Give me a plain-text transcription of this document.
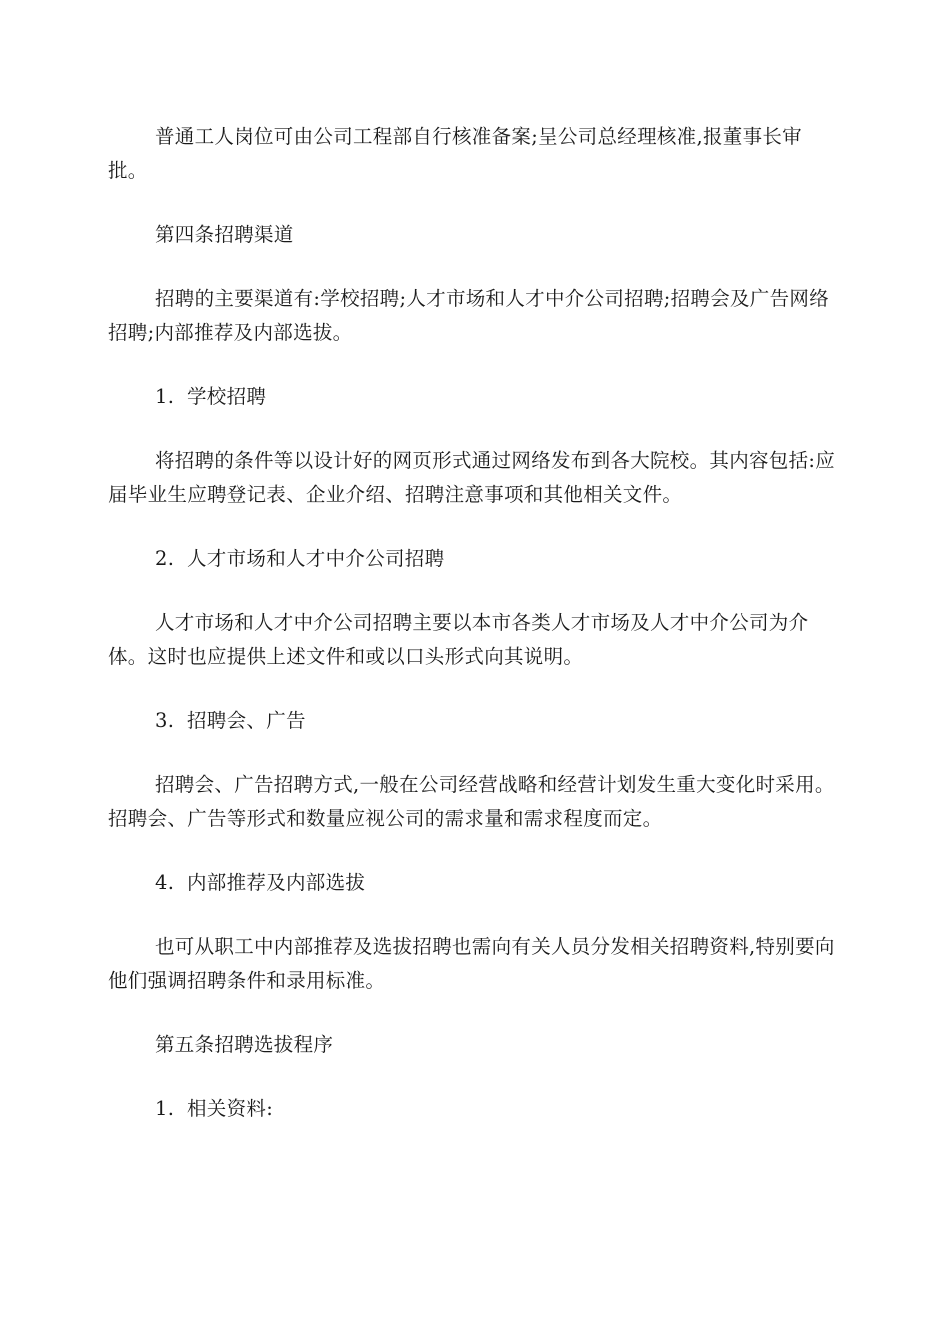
普通工人岗位可由公司工程部自行核准备案;呈公司总经理核准,报董事长审批。

第四条招聘渠道

招聘的主要渠道有:学校招聘;人才市场和人才中介公司招聘;招聘会及广告网络招聘;内部推荐及内部选拔。

1. 学校招聘

将招聘的条件等以设计好的网页形式通过网络发布到各大院校。其内容包括:应届毕业生应聘登记表、企业介绍、招聘注意事项和其他相关文件。

2. 人才市场和人才中介公司招聘

人才市场和人才中介公司招聘主要以本市各类人才市场及人才中介公司为介体。这时也应提供上述文件和或以口头形式向其说明。

3. 招聘会、广告

招聘会、广告招聘方式,一般在公司经营战略和经营计划发生重大变化时采用。招聘会、广告等形式和数量应视公司的需求量和需求程度而定。

4. 内部推荐及内部选拔

也可从职工中内部推荐及选拔招聘也需向有关人员分发相关招聘资料,特别要向他们强调招聘条件和录用标准。

第五条招聘选拔程序

1. 相关资料:
